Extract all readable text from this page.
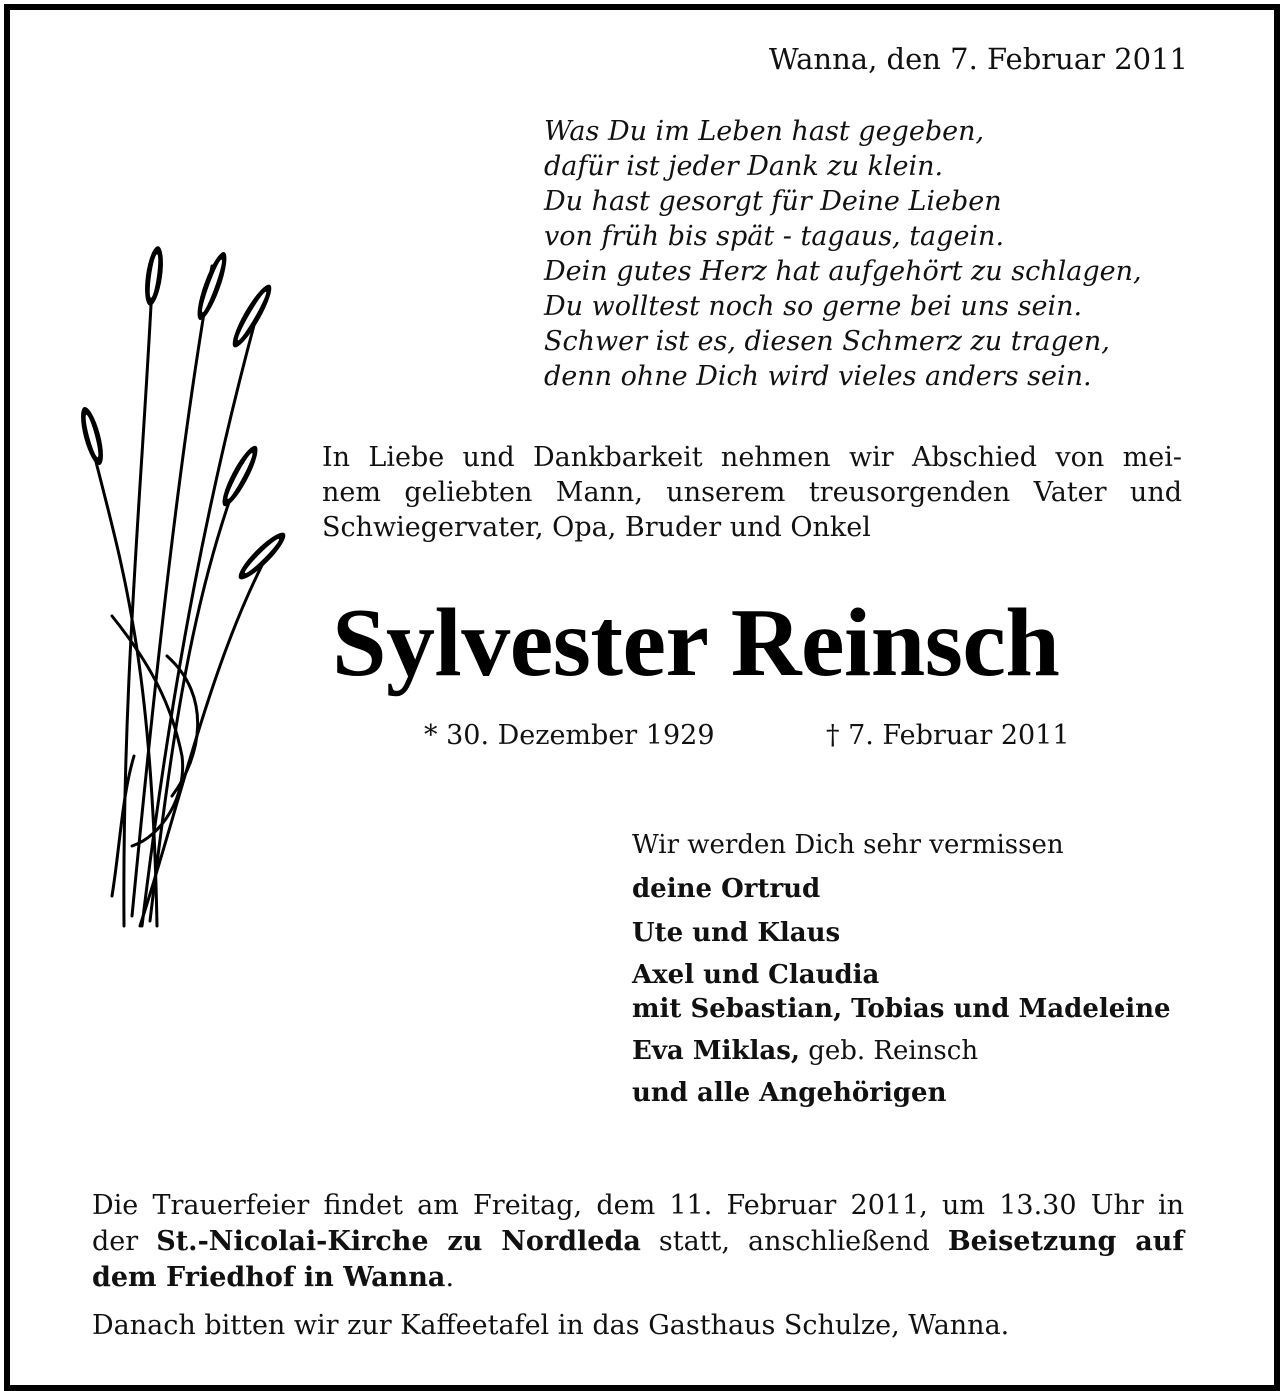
Wanna, den 7. Februar 2011
Was Du im Leben hast gegeben,
dafür ist jeder Dank zu klein.
Du hast gesorgt für Deine Lieben
von früh bis spät - tagaus, tagein.
Dein gutes Herz hat aufgehört zu schlagen,
Du wolltest noch so gerne bei uns sein.
Schwer ist es, diesen Schmerz zu tragen,
denn ohne Dich wird vieles anders sein.
In Liebe und Dankbarkeit nehmen wir Abschied von mei-
nem geliebten Mann, unserem treusorgenden Vater und
Schwiegervater, Opa, Bruder und Onkel
Sylvester Reinsch
* 30. Dezember 1929	† 7. Februar 2011
Wir werden Dich sehr vermissen
deine Ortrud
Ute und Klaus
Axel und Claudia
mit Sebastian, Tobias und Madeleine
Eva Miklas, geb. Reinsch
und alle Angehörigen
Die Trauerfeier findet am Freitag, dem 11. Februar 2011, um 13.30 Uhr in
der St.-Nicolai-Kirche zu Nordleda statt, anschließend Beisetzung auf
dem Friedhof in Wanna.
Danach bitten wir zur Kaffeetafel in das Gasthaus Schulze, Wanna.
